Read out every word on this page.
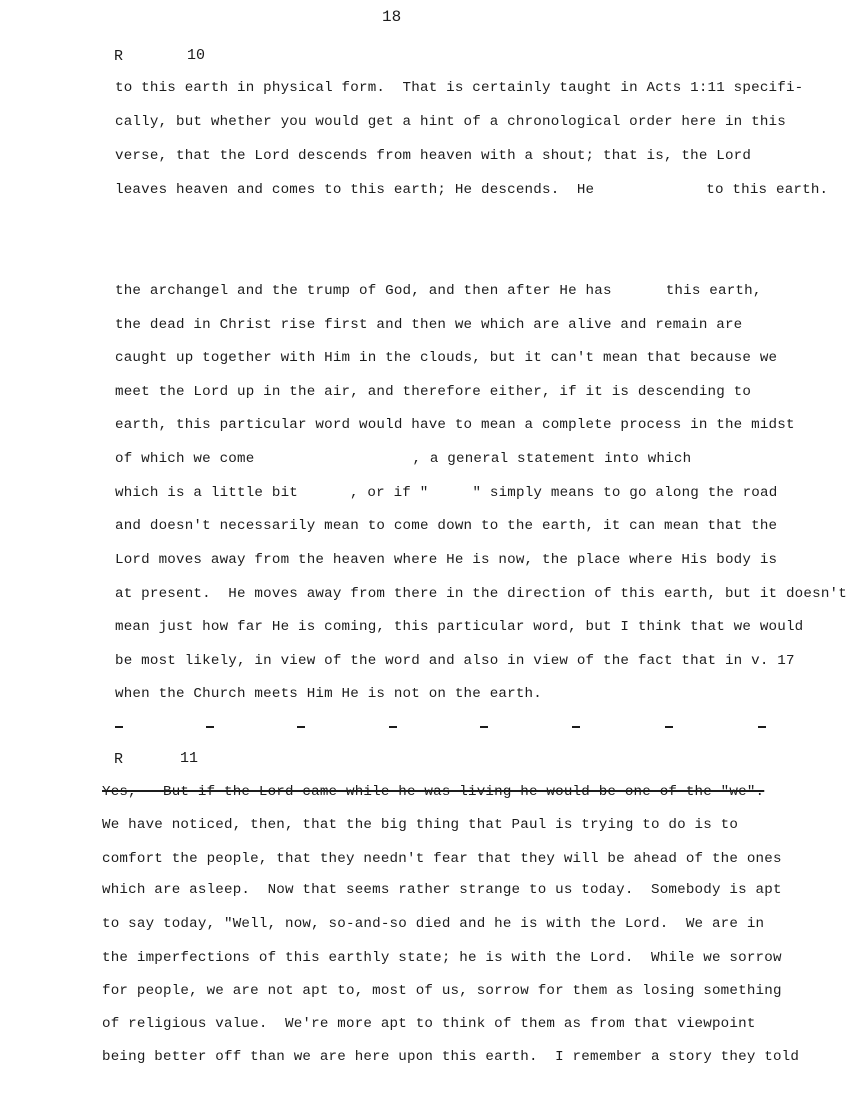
18
R	10
to this earth in physical form.  That is certainly taught in Acts 1:11 specifi-
cally, but whether you would get a hint of a chronological order here in this
verse, that the Lord descends from heaven with a shout; that is, the Lord
leaves heaven and comes to this earth; He descends.  He	to this earth.
the archangel and the trump of God, and then after He has	this earth,
the dead in Christ rise first and then we which are alive and remain are
caught up together with Him in the clouds, but it can't mean that because we
meet the Lord up in the air, and therefore either, if it is descending to
earth, this particular word would have to mean a complete process in the midst
of which we come	, a general statement into which
which is a little bit	, or if "	" simply means to go along the road
and doesn't necessarily mean to come down to the earth, it can mean that the
Lord moves away from the heaven where He is now, the place where His body is
at present.  He moves away from there in the direction of this earth, but it doesn't
mean just how far He is coming, this particular word, but I think that we would
be most likely, in view of the word and also in view of the fact that in v. 17
when the Church meets Him He is not on the earth.
R	11
Yes,---But if the Lord came while he was living he would be one of the "we".
We have noticed, then, that the big thing that Paul is trying to do is to
comfort the people, that they needn't fear that they will be ahead of the ones
which are asleep.  Now that seems rather strange to us today.  Somebody is apt
to say today, "Well, now, so-and-so died and he is with the Lord.  We are in
the imperfections of this earthly state; he is with the Lord.  While we sorrow
for people, we are not apt to, most of us, sorrow for them as losing something
of religious value.  We're more apt to think of them as from that viewpoint
being better off than we are here upon this earth.  I remember a story they told
